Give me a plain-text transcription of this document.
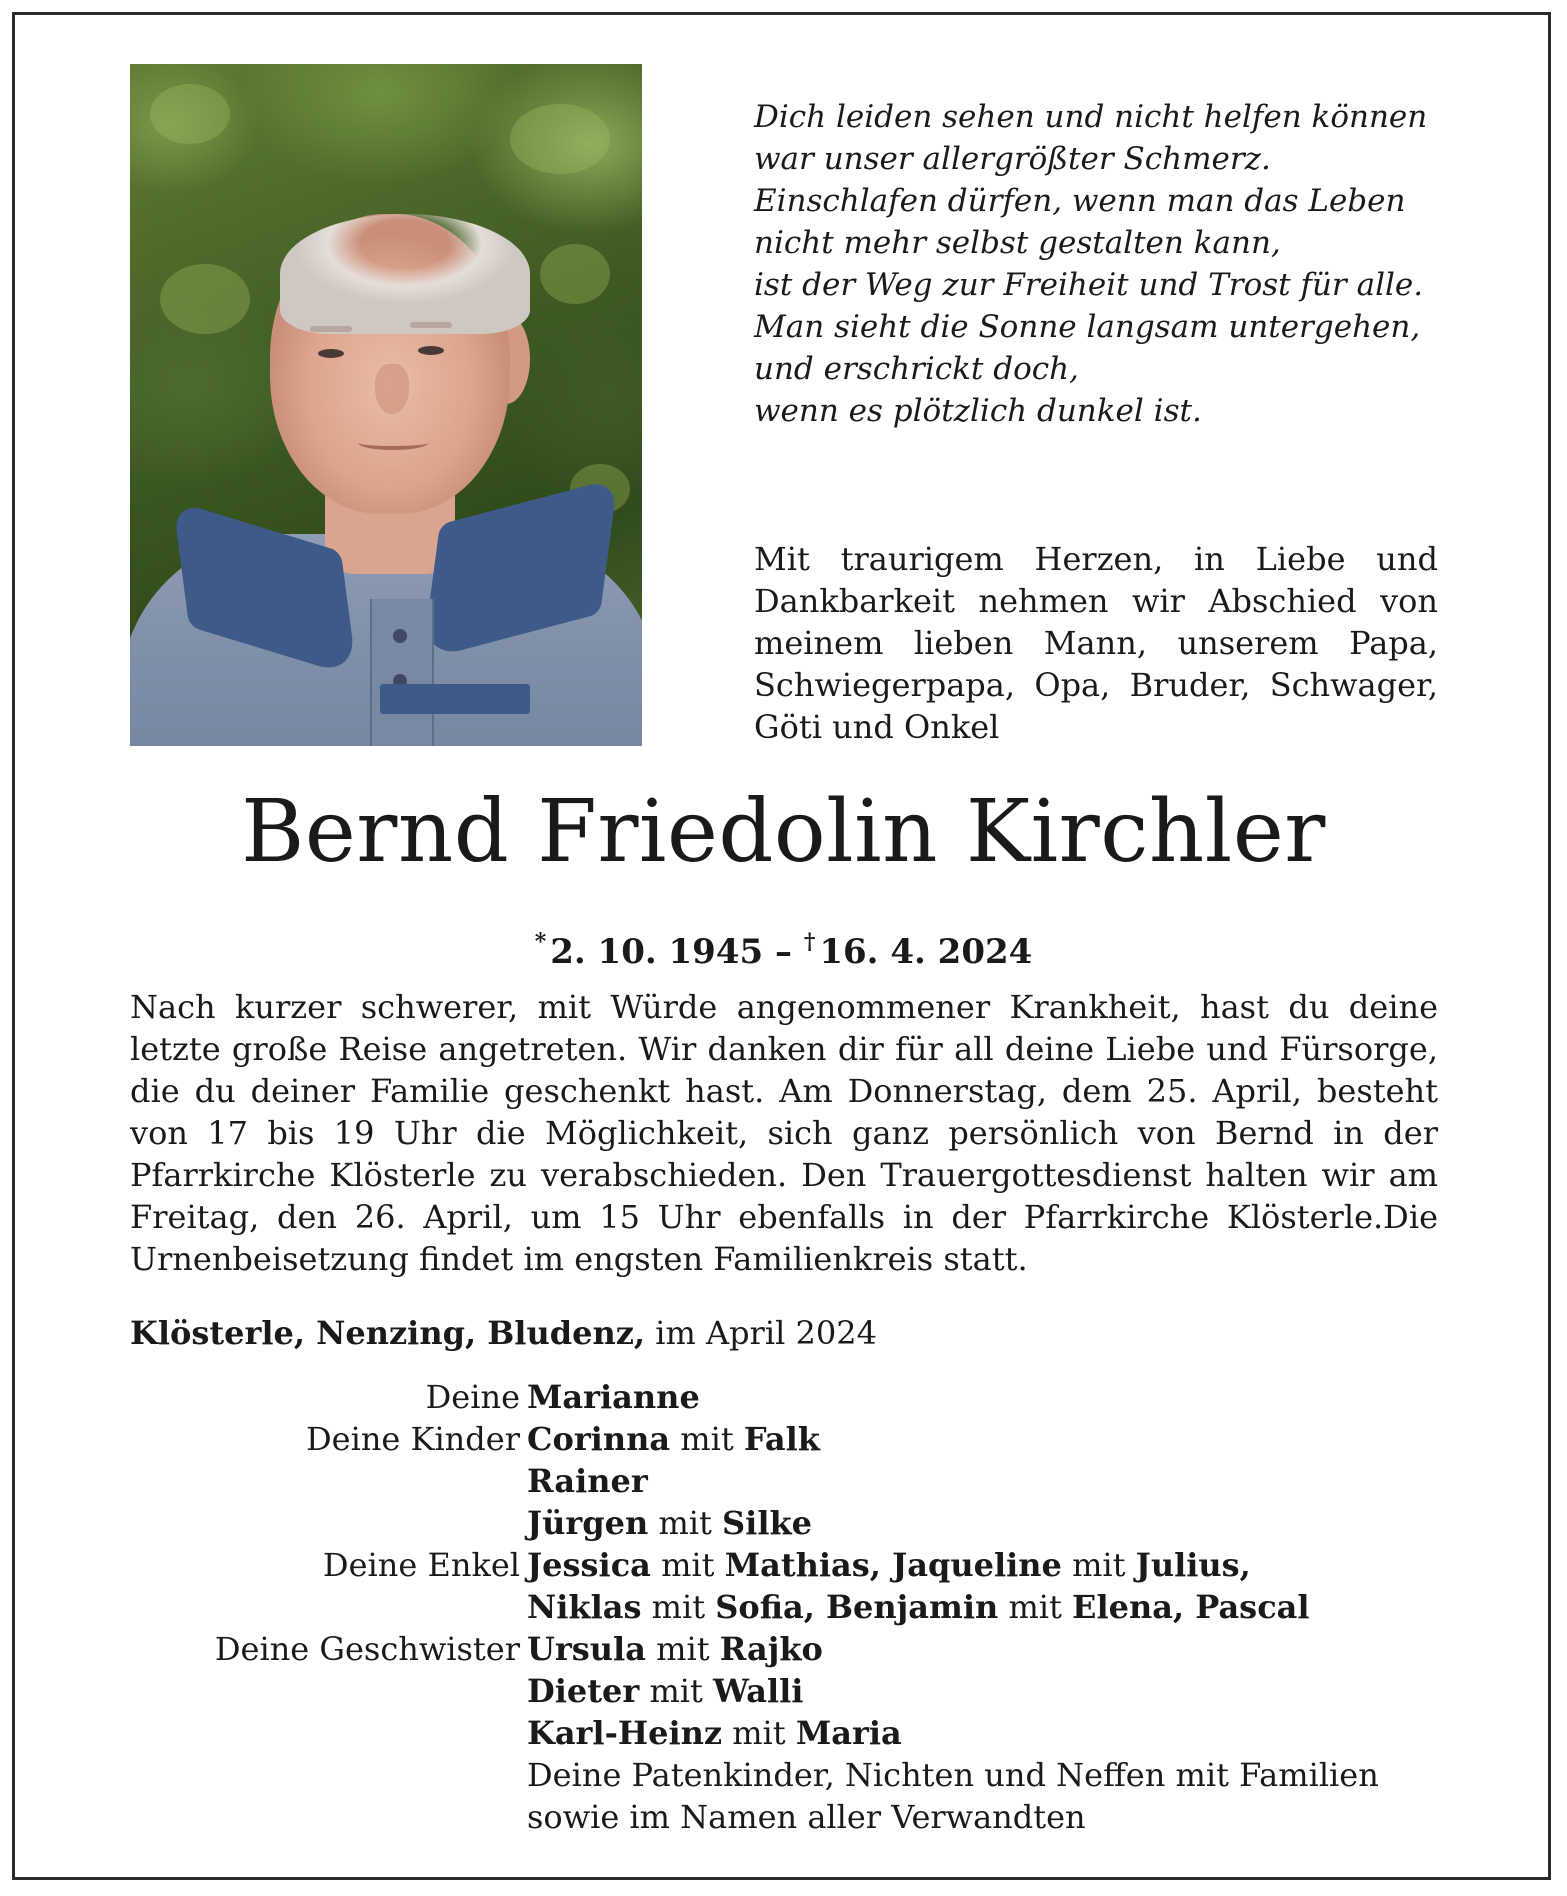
Dich leiden sehen und nicht helfen können
war unser allergrößter Schmerz.
Einschlafen dürfen, wenn man das Leben
nicht mehr selbst gestalten kann,
ist der Weg zur Freiheit und Trost für alle.
Man sieht die Sonne langsam untergehen,
und erschrickt doch,
wenn es plötzlich dunkel ist.
Mit traurigem Herzen, in Liebe und Dankbarkeit nehmen wir Abschied von meinem lieben Mann, unserem Papa, Schwiegerpapa, Opa, Bruder, Schwager, Göti und Onkel
Bernd Friedolin Kirchler
* 2. 10. 1945 – † 16. 4. 2024
Nach kurzer schwerer, mit Würde angenommener Krankheit, hast du deine letzte große Reise angetreten. Wir danken dir für all deine Liebe und Fürsorge, die du deiner Familie geschenkt hast. Am Donnerstag, dem 25. April, besteht von 17 bis 19 Uhr die Möglichkeit, sich ganz persönlich von Bernd in der Pfarrkirche Klösterle zu verabschieden. Den Trauergottesdienst halten wir am Freitag, den 26. April, um 15 Uhr ebenfalls in der Pfarrkirche Klösterle.Die Urnenbeisetzung findet im engsten Familienkreis statt.
Klösterle, Nenzing, Bludenz, im April 2024
Deine Marianne
Deine Kinder Corinna mit Falk
Rainer
Jürgen mit Silke
Deine Enkel Jessica mit Mathias, Jaqueline mit Julius,
Niklas mit Sofia, Benjamin mit Elena, Pascal
Deine Geschwister Ursula mit Rajko
Dieter mit Walli
Karl-Heinz mit Maria
Deine Patenkinder, Nichten und Neffen mit Familien
sowie im Namen aller Verwandten
